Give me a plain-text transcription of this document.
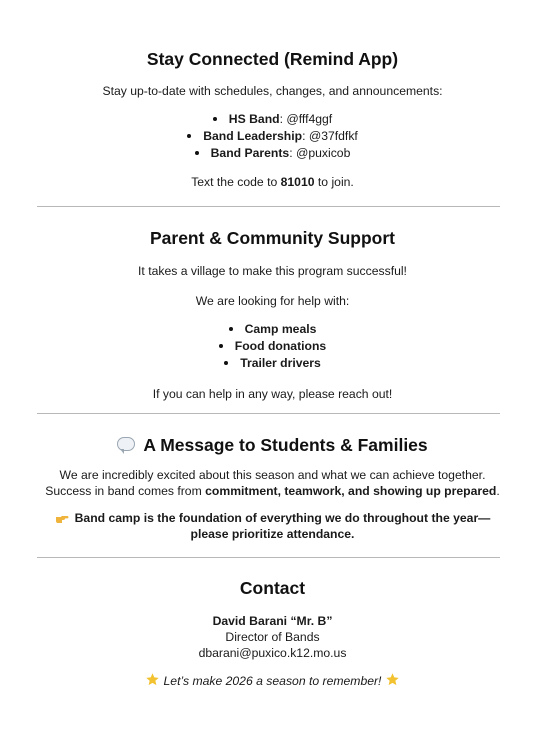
Stay Connected (Remind App)

Stay up-to-date with schedules, changes, and announcements:

HS Band: @fff4ggf
Band Leadership: @37fdfkf
Band Parents: @puxicob

Text the code to 81010 to join.

Parent & Community Support

It takes a village to make this program successful!

We are looking for help with:

Camp meals
Food donations
Trailer drivers

If you can help in any way, please reach out!

A Message to Students & Families

We are incredibly excited about this season and what we can achieve together.

Success in band comes from commitment, teamwork, and showing up prepared.

Band camp is the foundation of everything we do throughout the year—please prioritize attendance.

Contact

David Barani “Mr. B”

Director of Bands

dbarani@puxico.k12.mo.us

Let’s make 2026 a season to remember!
